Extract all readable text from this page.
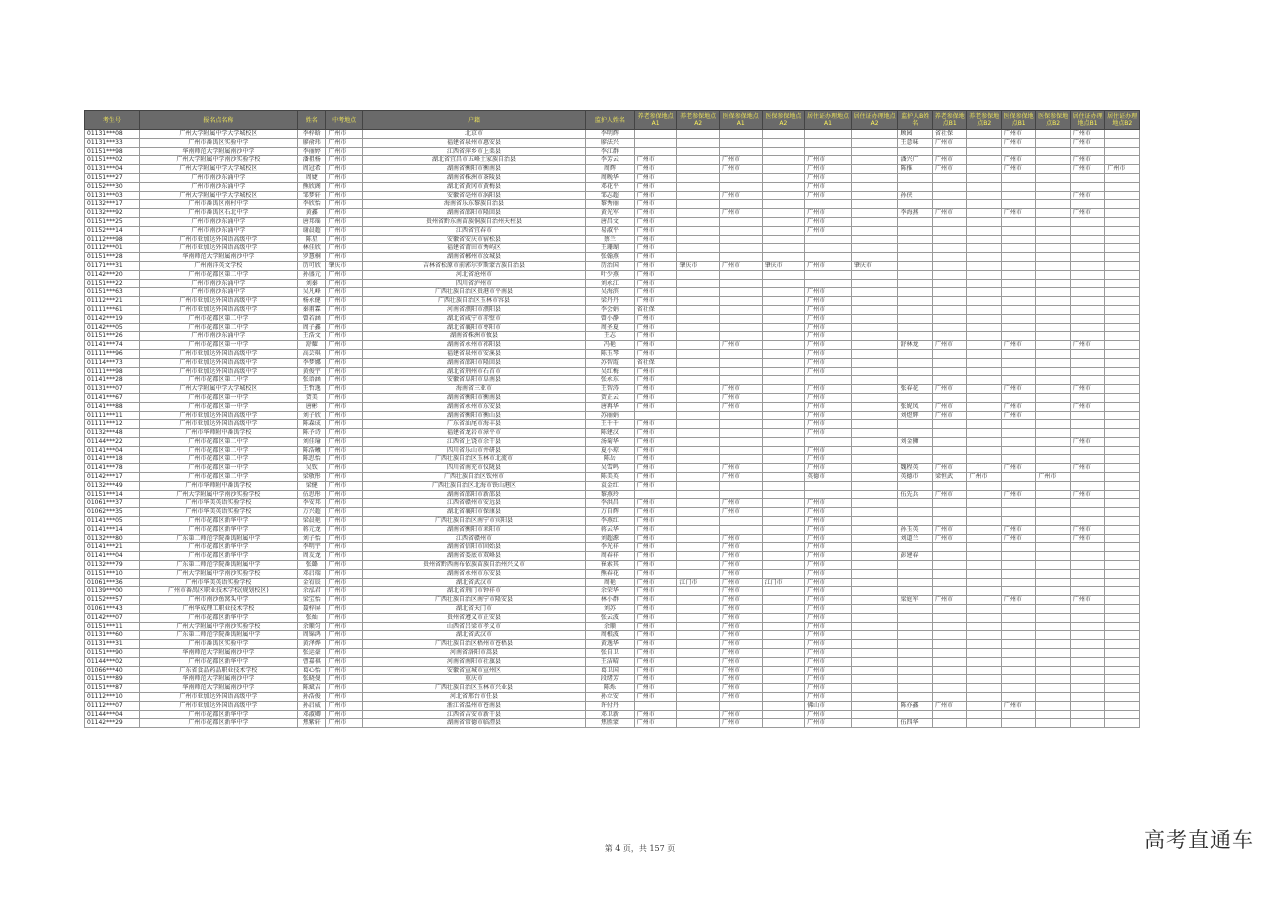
考生号	报名点名称	姓名	中考地点	户籍	监护人姓名	养老参保地点A1	养老参保地点A2	医保参保地点A1	医保参保地点A2	居住证办理地点A1	居住证办理地点A2	监护人B姓名	养老参保地点B1	养老参保地点B2	医保参保地点B1	医保参保地点B2	居住证办理地点B1	居住证办理地点B2
01131***08	广州大学附属中学大学城校区	李梓晗	广州市	北京市	李明辉							顾园	省社保		广州市		广州市	
01131***33	广州市番禺区实验中学	廖俞玮	广州市	福建省泉州市惠安县	廖法兴							王意味	广州市		广州市		广州市	
01151***98	华南师范大学附属南沙中学	李丽婷	广州市	江西省萍乡市上栗县	李江群													
01151***02	广州大学附属中学南沙实验学校	潘祖杨	广州市	湖北省宜昌市五峰土家族自治县	李芳云	广州市		广州市		广州市		潘兴广	广州市		广州市		广州市	
01131***04	广州大学附属中学大学城校区	周冠希	广州市	湖南省衡阳市衡南县	周辉	广州市		广州市		广州市		陈推	广州市		广州市		广州市	广州市
01151***27	广州市南沙东涌中学	周婕	广州市	湖南省株洲市茶陵县	周晚华	广州市				广州市								
01152***30	广州市南沙东涌中学	熊欣阁	广州市	湖北省黄冈市黄梅县	邓花平	广州市				广州市								
01131***03	广州大学附属中学大学城校区	邹梦轩	广州市	安徽省亳州市涡阳县	邹志超	广州市		广州市		广州市		孙侠					广州市	
01132***17	广州市番禺区南村中学	李欣怡	广州市	海南省乐东黎族自治县	黎秀丽	广州市												
01132***92	广州市番禺区石北中学	黄鑫	广州市	湖南省邵阳市隆回县	黄光军	广州市		广州市		广州市		李海燕	广州市		广州市		广州市	
01151***25	广州市南沙东涌中学	唐邦瑶	广州市	贵州省黔东南苗族侗族自治州天柱县	唐昌文	广州市				广州市								
01152***14	广州市南沙东涌中学	谢晨超	广州市	江西省宜春市	易淑平	广州市				广州市								
01112***98	广州市亚加达外国语高级中学	陈星	广州市	安徽省安庆市宿松县	蔡兰	广州市												
01112***01	广州市亚加达外国语高级中学	林佳欣	广州市	福建省莆田市秀屿区	王珊瑚	广州市												
01151***28	华南师范大学附属南沙中学	罗慧桐	广州市	湖南省郴州市汝城县	张翰燕	广州市												
01171***31	广州南洋英文学校	历可欣	肇庆市	吉林省松原市前郭尔罗斯蒙古族自治县	历治国	广州市	肇庆市	广州市	肇庆市	广州市	肇庆市							
01142***20	广州市花都区第二中学	孙盛元	广州市	河北省沧州市	叶少燕	广州市												
01151***22	广州市南沙东涌中学	刘秦	广州市	四川省泸州市	刘永江	广州市												
01151***63	广州市南沙东涌中学	吴凡峰	广州市	广西壮族自治区贵港市平南县	吴海滨	广州市				广州市								
01112***21	广州市亚加达外国语高级中学	杨永健	广州市	广西壮族自治区玉林市容县	梁丹丹	广州市				广州市								
01111***61	广州市亚加达外国语高级中学	秦甫霖	广州市	河南省濮阳市濮阳县	李会娟	省社保				广州市								
01142***19	广州市花都区第二中学	曾若涵	广州市	湖北省咸宁市赤壁市	曾小静	广州市				广州市								
01142***05	广州市花都区第二中学	周子鑫	广州市	湖北省襄阳市枣阳市	周圣夏	广州市				广州市								
01151***26	广州市南沙东涌中学	王浩文	广州市	湖南省株洲市攸县	王志	广州市				广州市								
01141***74	广州市花都区第一中学	舒耀	广州市	湖南省永州市祁阳县	冯艳	广州市		广州市		广州市		舒林龙	广州市		广州市		广州市	
01111***96	广州市亚加达外国语高级中学	高芸琪	广州市	福建省泉州市安溪县	陈玉琴	广州市				广州市								
01114***73	广州市亚加达外国语高级中学	李梦娜	广州市	湖南省邵阳市隆回县	苏智霞	省社保				广州市								
01111***98	广州市亚加达外国语高级中学	黄俊宇	广州市	湖北省荆州市石首市	吴红梅	广州市				广州市								
01141***28	广州市花都区第二中学	张语涵	广州市	安徽省阜阳市阜南县	张永东	广州市												
01131***07	广州大学附属中学大学城校区	王哲逸	广州市	海南省三亚市	王智涛	广州市		广州市		广州市		张春花	广州市		广州市		广州市	
01141***67	广州市花都区第一中学	贺美	广州市	湖南省衡阳市衡南县	贺正云	广州市		广州市		广州市								
01141***88	广州市花都区第一中学	唐彬	广州市	湖南省永州市东安县	唐再华	广州市		广州市		广州市		张妮凤	广州市		广州市		广州市	
01111***11	广州市亚加达外国语高级中学	刘子欣	广州市	湖南省衡阳市衡山县	苏丽娟					广州市		刘煜辉	广州市		广州市			
01111***12	广州市亚加达外国语高级中学	陈森成	广州市	广东省汕尾市海丰县	王千千	广州市				广州市								
01132***48	广州市华师附中番禺学校	陈予诗	广州市	福建省龙岩市漳平市	陈建汉	广州市				广州市								
01144***22	广州市花都区第二中学	刘佳瑜	广州市	江西省上饶市余干县	汤菊华	广州市						刘金狮					广州市	
01141***04	广州市花都区第二中学	陈浩曦	广州市	四川省乐山市井研县	夏小琼	广州市				广州市								
01141***18	广州市花都区第二中学	陈思怡	广州市	广西壮族自治区玉林市北流市	陈岳	广州市				广州市								
01141***78	广州市花都区第一中学	吴钦	广州市	四川省南充市仪陇县	吴雪鸣	广州市		广州市		广州市		魏程英	广州市		广州市		广州市	
01142***17	广州市花都区第二中学	梁敬彤	广州市	广西壮族自治区钦州市	陈美英	广州市		广州市		英德市		英德市	梁恒武	广州市		广州市		
01132***49	广州市华师附中番禺学校	梁健	广州市	广西壮族自治区北海市铁山港区	袁金红	广州市												
01151***14	广州大学附属中学南沙实验学校	伍思彤	广州市	湖南省邵阳市新邵县	黎燕玲							伍先兵	广州市		广州市		广州市	
01061***37	广州市华美英语实验学校	李安邦	广州市	江西省赣州市安远县	李洪昌	广州市		广州市		广州市								
01062***35	广州市华美英语实验学校	万兴超	广州市	湖北省襄阳市保康县	万自辉	广州市		广州市		广州市								
01141***05	广州市花都区新华中学	梁晨艳	广州市	广西壮族自治区南宁市宾阳县	李燕红	广州市				广州市								
01141***14	广州市花都区新华中学	蒋元龙	广州市	湖南省衡阳市耒阳市	蒋云华	广州市				广州市		孙玉英	广州市		广州市		广州市	
01132***80	广东第二师范学院番禺附属中学	刘子怡	广州市	江西省赣州市	刘超源	广州市		广州市		广州市		刘道兰	广州市		广州市		广州市	
01141***21	广州市花都区新华中学	李明宇	广州市	湖南省信阳市固始县	李光祥	广州市		广州市		广州市								
01141***04	广州市花都区新华中学	周友龙	广州市	湖南省娄底市双峰县	周春祥	广州市		广州市		广州市		彭建春						
01132***79	广东第二师范学院番禺附属中学	张璐	广州市	贵州省黔西南布依族苗族自治州兴义市	崔索其	广州市		广州市		广州市								
01151***10	广州大学附属中学南沙实验学校	邓启瑞	广州市	湖南省永州市东安县	熊春花	广州市		广州市		广州市								
01061***36	广州市华美英语实验学校	金宥辰	广州市	湖北省武汉市	周艳	广州市	江门市	广州市	江门市	广州市								
01139***00	广州市番禺区职业技术学校(规划校区)	余泓君	广州市	湖北省荆门市钟祥市	余荣华	广州市		广州市		广州市								
01152***57	广州市南沙鱼窝头中学	梁宝怡	广州市	广西壮族自治区南宁市隆安县	林小群	广州市		广州市		广州市		梁庭军	广州市		广州市		广州市	
01061***43	广州华成理工职业技术学校	聂梓屏	广州市	湖北省天门市	刘苏	广州市		广州市		广州市								
01142***07	广州市花都区新华中学	张灿	广州市	贵州省遵义市正安县	张云波	广州市		广州市		广州市								
01151***11	广州大学附属中学南沙实验学校	余顺匀	广州市	山西省吕梁市孝义市	余顺	广州市		广州市		广州市								
01131***60	广东第二师范学院番禺附属中学	周锦鸿	广州市	湖北省武汉市	周根波	广州市		广州市		广州市								
01131***31	广州市番禺区实验中学	黄泽烨	广州市	广西壮族自治区梧州市苍梧县	黄逸华	广州市		广州市		广州市								
01151***90	华南师范大学附属南沙中学	张运豪	广州市	河南省洛阳市嵩县	张自卫	广州市		广州市		广州市								
01144***02	广州市花都区新华中学	曹嘉祺	广州市	河南省南阳市社旗县	王洁晴	广州市		广州市		广州市								
01066***40	广东省食品药品职业技术学校	葛心怡	广州市	安徽省宣城市宣州区	葛卫国	广州市		广州市		广州市								
01151***89	华南师范大学附属南沙中学	张晓曼	广州市	重庆市	段绪芳	广州市		广州市		广州市								
01151***87	华南师范大学附属南沙中学	陈斌吉	广州市	广西壮族自治区玉林市兴业县	陈烁	广州市		广州市		广州市								
01112***10	广州市亚加达外国语高级中学	孙浩俊	广州市	河北省邢台市任县	孙立安	广州市		广州市		广州市								
01112***07	广州市亚加达外国语高级中学	孙启威	广州市	浙江省温州市苍南县	许付丹					佛山市		陈亦鑫	广州市		广州市			
01144***04	广州市花都区新华中学	邓淑卿	广州市	江西省吉安市新干县	邓卫新	广州市		广州市		广州市								
01142***29	广州市花都区新华中学	焦紫轩	广州市	湖南省常德市临澧县	焦胜蒙	广州市		广州市		广州市		伍四华						
第 4 页，共 157 页	高考直通车
